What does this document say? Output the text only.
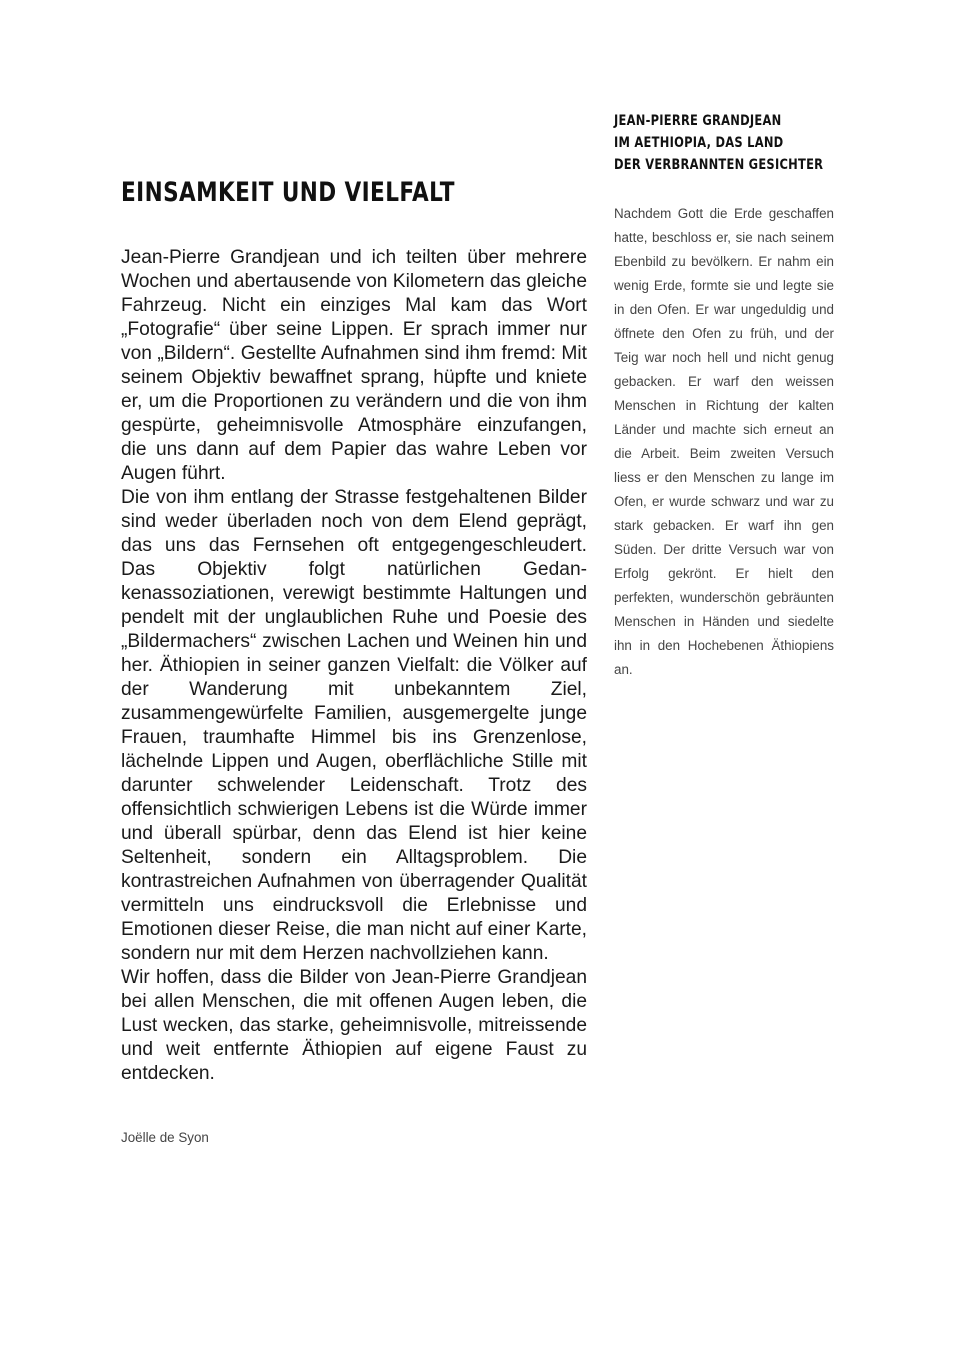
JEAN-PIERRE GRANDJEAN
IM AETHIOPIA, DAS LAND
DER VERBRANNTEN GESICHTER
Nachdem Gott die Erde geschaffen hatte, beschloss er, sie nach seinem Ebenbild zu bevölkern. Er nahm ein wenig Erde, formte sie und legte sie in den Ofen. Er war ungeduldig und öffnete den Ofen zu früh, und der Teig war noch hell und nicht genug gebacken. Er warf den weissen Menschen in Richtung der kalten Länder und machte sich erneut an die Arbeit. Beim zweiten Versuch liess er den Menschen zu lange im Ofen, er wurde schwarz und war zu stark gebacken. Er warf ihn gen Süden. Der dritte Versuch war von Erfolg gekrönt. Er hielt den perfekten, wunderschön gebräunten Menschen in Händen und siedelte ihn in den Hochebenen Äthiopiens an.
EINSAMKEIT UND VIELFALT

Jean-Pierre Grandjean und ich teilten über mehrere Wochen und abertausende von Kilometern das gleiche Fahrzeug. Nicht ein einziges Mal kam das Wort „Fotografie“ über seine Lippen. Er sprach immer nur von „Bildern“. Gestellte Aufnahmen sind ihm fremd: Mit seinem Objektiv bewaffnet sprang, hüpfte und kniete er, um die Proportionen zu verändern und die von ihm gespürte, geheimnisvolle Atmosphäre einzufangen, die uns dann auf dem Papier das wahre Leben vor Augen führt.

Die von ihm entlang der Strasse festgehaltenen Bilder sind weder überladen noch von dem Elend geprägt, das uns das Fernsehen oft entgegengeschleudert. Das Objektiv folgt natürlichen Gedankenassoziationen, verewigt bestimmte Haltungen und pendelt mit der unglaublichen Ruhe und Poesie des „Bildermachers“ zwischen Lachen und Weinen hin und her. Äthiopien in seiner ganzen Vielfalt: die Völker auf der Wanderung mit unbekanntem Ziel, zusammengewürfelte Familien, ausgemergelte junge Frauen, traumhafte Himmel bis ins Grenzenlose, lächelnde Lippen und Augen, oberflächliche Stille mit darunter schwelender Leidenschaft. Trotz des offensichtlich schwierigen Lebens ist die Würde immer und überall spürbar, denn das Elend ist hier keine Seltenheit, sondern ein Alltagsproblem. Die kontrastreichen Aufnahmen von überragender Qualität vermitteln uns eindrucksvoll die Erlebnisse und Emotionen dieser Reise, die man nicht auf einer Karte, sondern nur mit dem Herzen nachvollziehen kann.

Wir hoffen, dass die Bilder von Jean-Pierre Grandjean bei allen Menschen, die mit offenen Augen leben, die Lust wecken, das starke, geheimnisvolle, mitreissende und weit entfernte Äthiopien auf eigene Faust zu entdecken.

Joëlle de Syon
